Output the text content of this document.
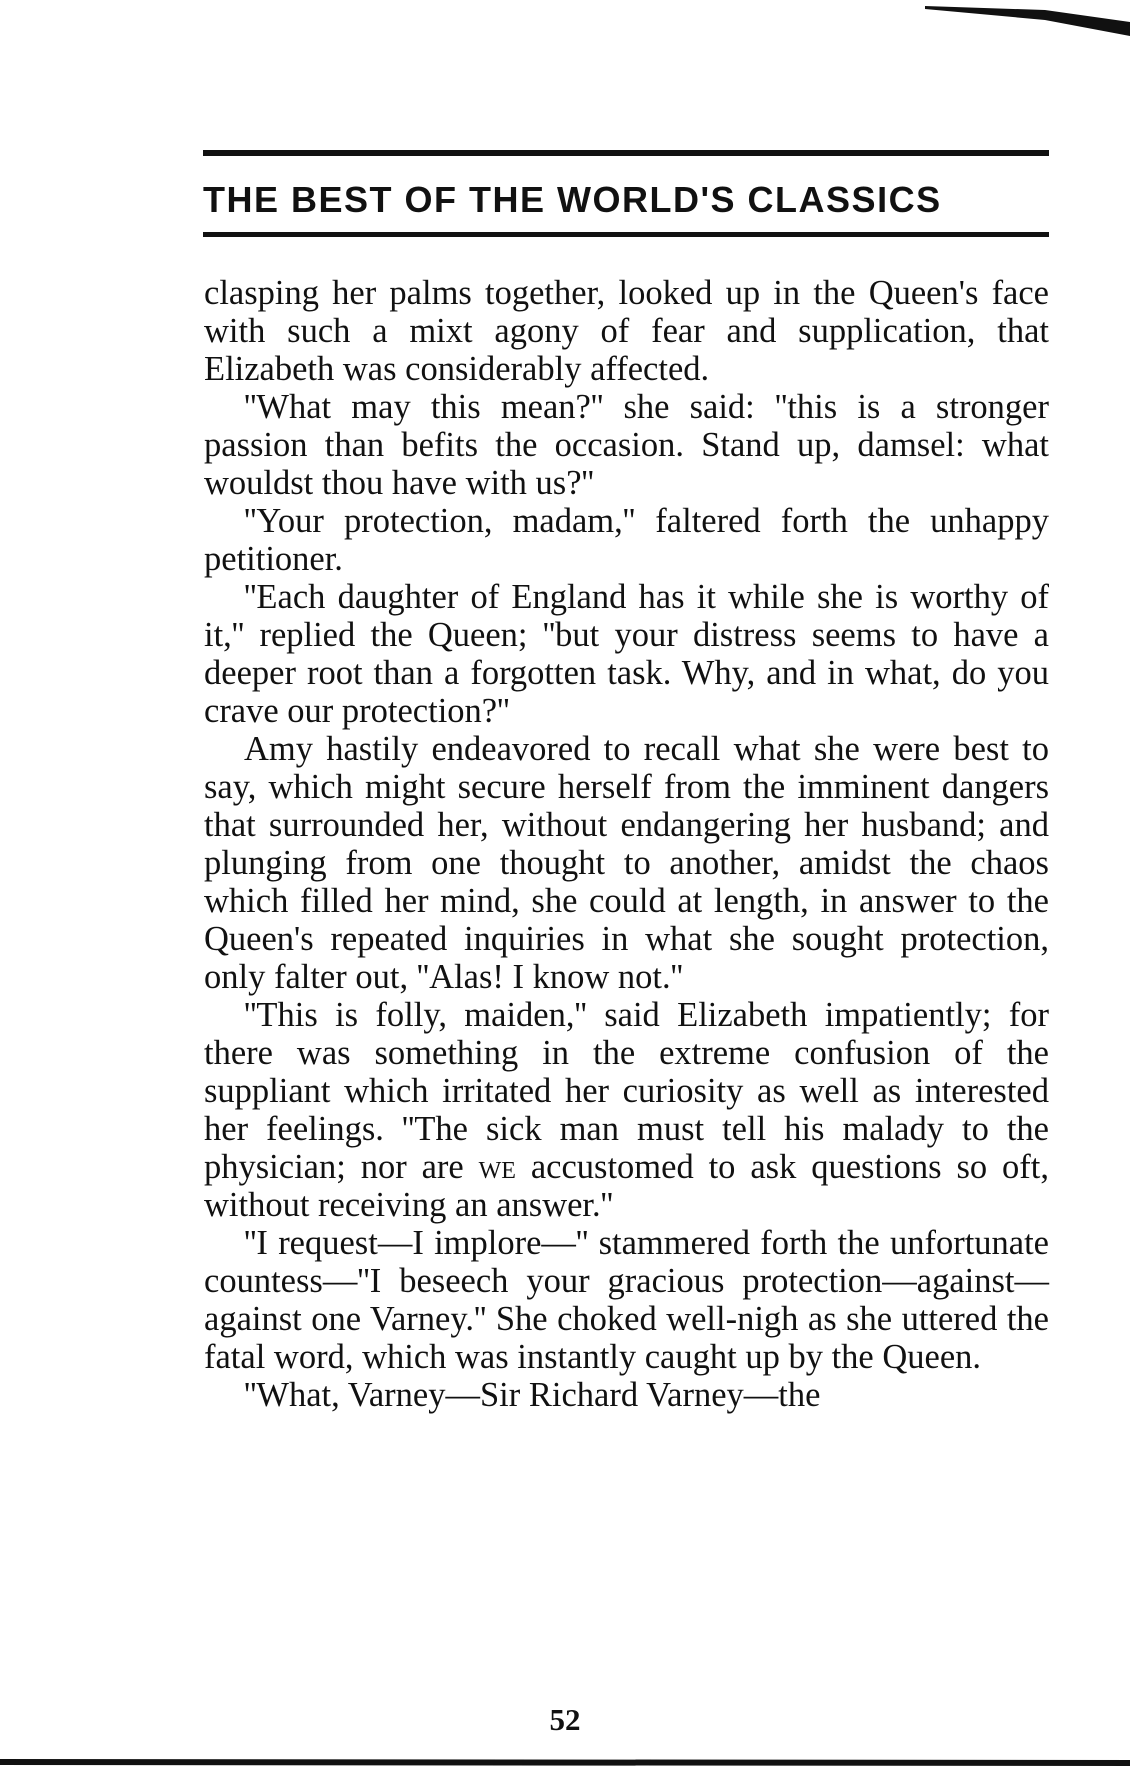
THE BEST OF THE WORLD'S CLASSICS

clasping her palms together, looked up in the Queen's face with such a mixt agony of fear and supplication, that Elizabeth was considerably affected.

''What may this mean?'' she said: ''this is a stronger passion than befits the occasion. Stand up, damsel: what wouldst thou have with us?''

''Your protection, madam,'' faltered forth the unhappy petitioner.

''Each daughter of England has it while she is worthy of it,'' replied the Queen; ''but your distress seems to have a deeper root than a forgotten task. Why, and in what, do you crave our protection?''

Amy hastily endeavored to recall what she were best to say, which might secure herself from the imminent dangers that surrounded her, without endangering her husband; and plunging from one thought to another, amidst the chaos which filled her mind, she could at length, in answer to the Queen's repeated inquiries in what she sought protection, only falter out, ''Alas! I know not.''

''This is folly, maiden,'' said Elizabeth impatiently; for there was something in the extreme confusion of the suppliant which irritated her curiosity as well as interested her feelings. ''The sick man must tell his malady to the physician; nor are we accustomed to ask questions so oft, without receiving an answer.''

''I request—I implore—'' stammered forth the unfortunate countess—''I beseech your gracious protection—against—against one Varney.'' She choked well-nigh as she uttered the fatal word, which was instantly caught up by the Queen.

''What, Varney—Sir Richard Varney—the

52
